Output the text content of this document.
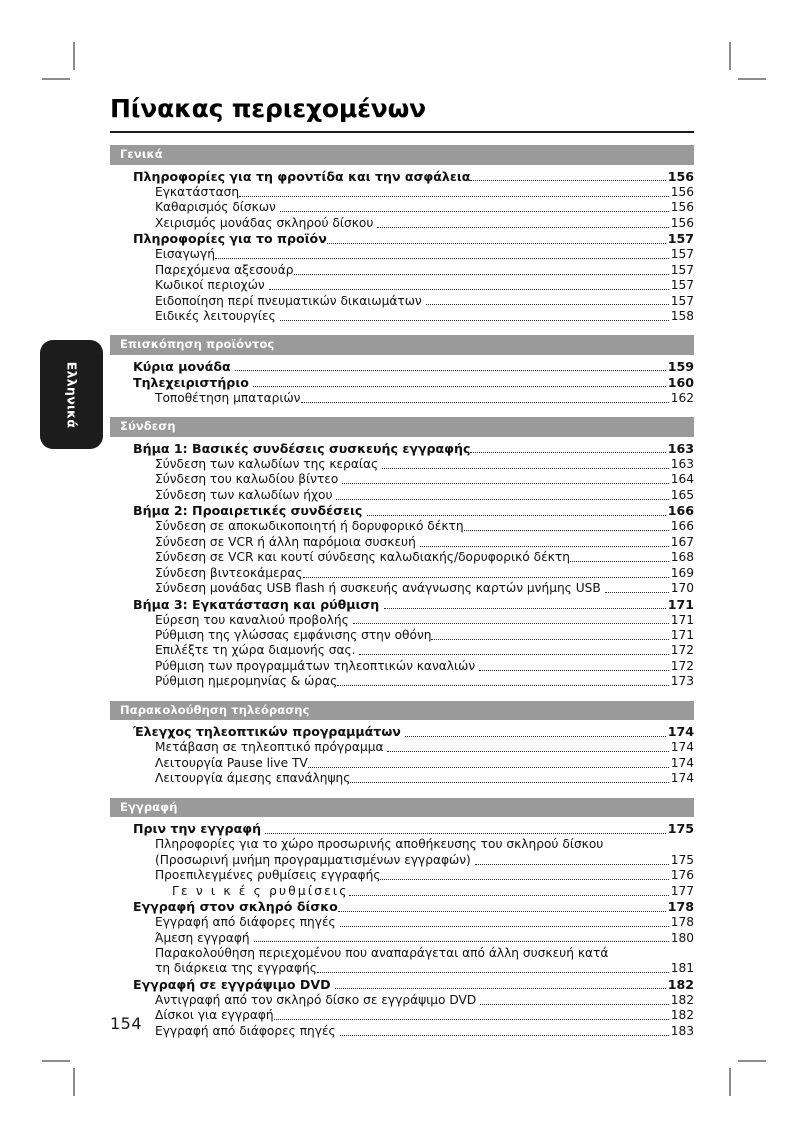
Ελληνικά
Πίνακας περιεχομένων
Γενικά
Πληροφορίες για τη φροντίδα και την ασφάλεια	156
Εγκατάσταση	156
Καθαρισμός δίσκων	156
Χειρισμός μονάδας σκληρού δίσκου	156
Πληροφορίες για το προϊόν	157
Εισαγωγή	157
Παρεχόμενα αξεσουάρ	157
Κωδικοί περιοχών	157
Ειδοποίηση περί πνευματικών δικαιωμάτων	157
Ειδικές λειτουργίες	158
Επισκόπηση προϊόντος
Κύρια μονάδα	159
Τηλεχειριστήριο	160
Τοποθέτηση μπαταριών	162
Σύνδεση
Βήμα 1: Βασικές συνδέσεις συσκευής εγγραφής	163
Σύνδεση των καλωδίων της κεραίας	163
Σύνδεση του καλωδίου βίντεο	164
Σύνδεση των καλωδίων ήχου	165
Βήμα 2: Προαιρετικές συνδέσεις	166
Σύνδεση σε αποκωδικοποιητή ή δορυφορικό δέκτη	166
Σύνδεση σε VCR ή άλλη παρόμοια συσκευή	167
Σύνδεση σε VCR και κουτί σύνδεσης καλωδιακής/δορυφορικό δέκτη	168
Σύνδεση βιντεοκάμερας	169
Σύνδεση μονάδας USB flash ή συσκευής ανάγνωσης καρτών μνήμης USB	170
Βήμα 3: Εγκατάσταση και ρύθμιση	171
Εύρεση του καναλιού προβολής	171
Ρύθμιση της γλώσσας εμφάνισης στην οθόνη	171
Επιλέξτε τη χώρα διαμονής σας.	172
Ρύθμιση των προγραμμάτων τηλεοπτικών καναλιών	172
Ρύθμιση ημερομηνίας & ώρας	173
Παρακολούθηση τηλεόρασης
Έλεγχος τηλεοπτικών προγραμμάτων	174
Μετάβαση σε τηλεοπτικό πρόγραμμα	174
Λειτουργία Pause live TV	174
Λειτουργία άμεσης επανάληψης	174
Εγγραφή
Πριν την εγγραφή	175
Πληροφορίες για το χώρο προσωρινής αποθήκευσης του σκληρού δίσκου
(Προσωρινή μνήμη προγραμματισμένων εγγραφών)	175
Προεπιλεγμένες ρυθμίσεις εγγραφής	176
Γε ν ι κ έ ς ρυθμίσεις	177
Εγγραφή στον σκληρό δίσκο	178
Εγγραφή από διάφορες πηγές	178
Άμεση εγγραφή	180
Παρακολούθηση περιεχομένου που αναπαράγεται από άλλη συσκευή κατά
τη διάρκεια της εγγραφής	181
Εγγραφή σε εγγράψιμο DVD	182
Αντιγραφή από τον σκληρό δίσκο σε εγγράψιμο DVD	182
Δίσκοι για εγγραφή	182
Εγγραφή από διάφορες πηγές	183
154
